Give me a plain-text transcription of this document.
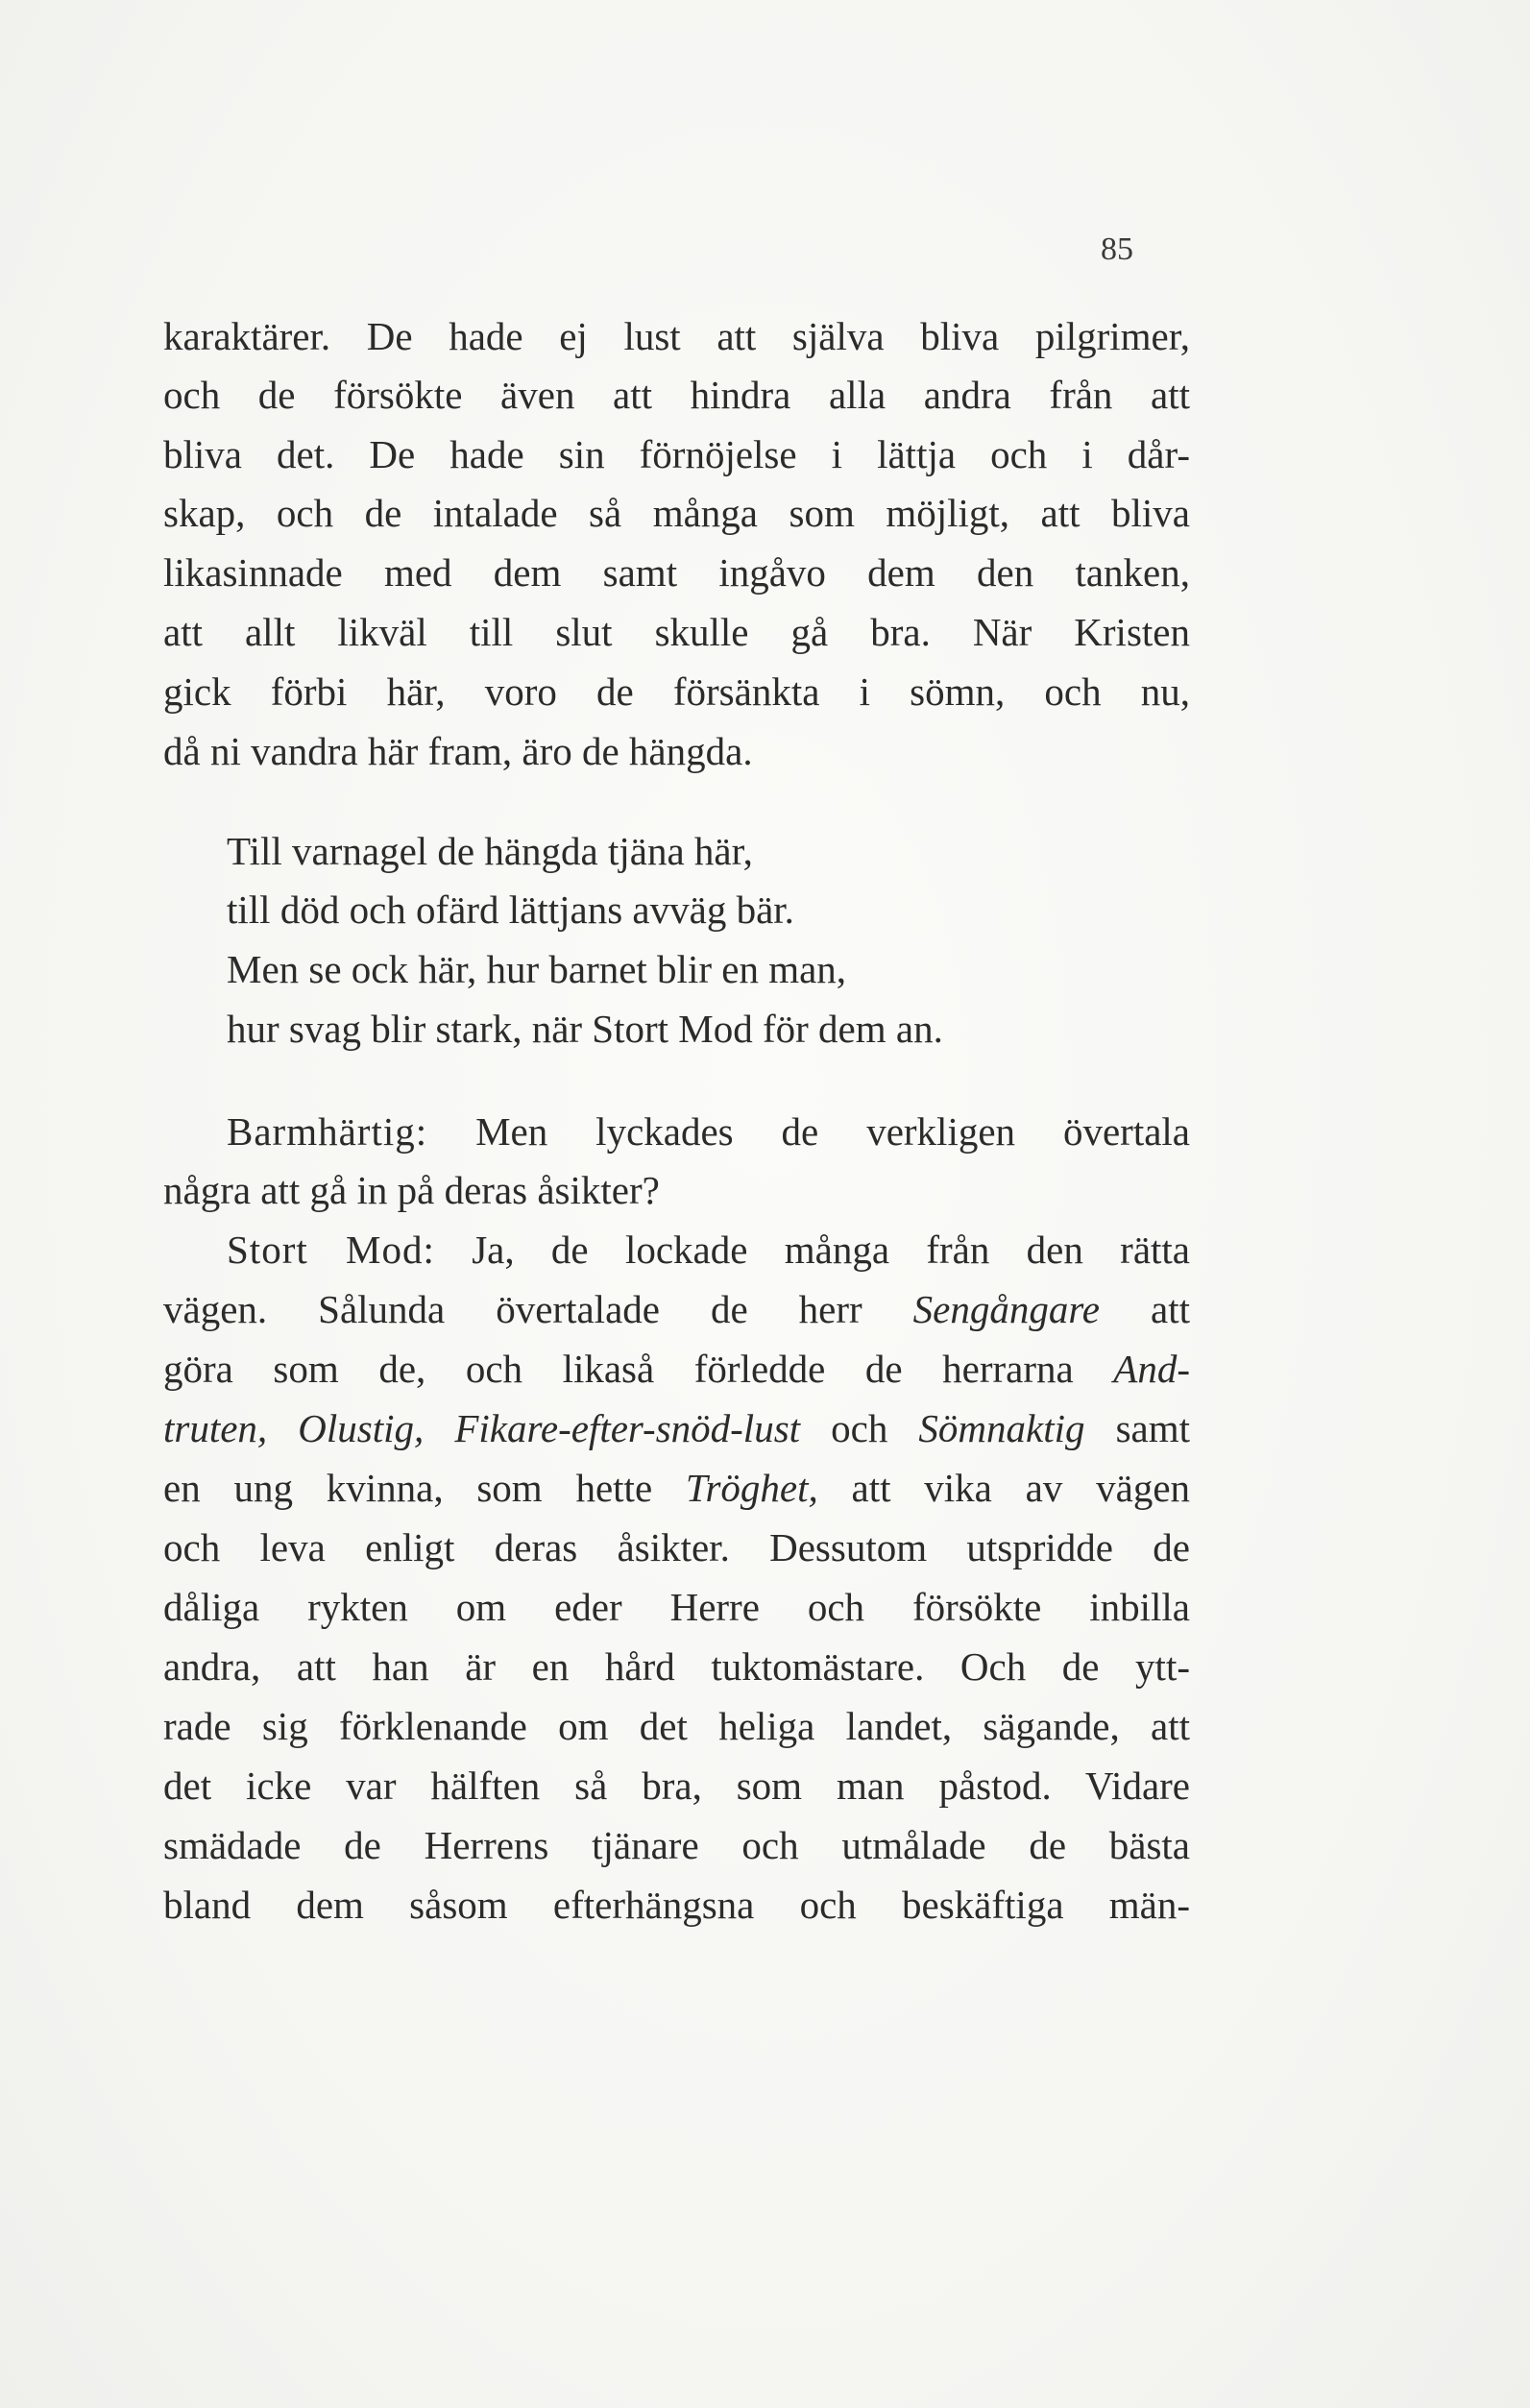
85
karaktärer. De hade ej lust att själva bliva pilgrimer,
och de försökte även att hindra alla andra från att
bliva det. De hade sin förnöjelse i lättja och i dår-
skap, och de intalade så många som möjligt, att bliva
likasinnade med dem samt ingåvo dem den tanken,
att allt likväl till slut skulle gå bra. När Kristen
gick förbi här, voro de försänkta i sömn, och nu,
då ni vandra här fram, äro de hängda.
Till varnagel de hängda tjäna här,
till död och ofärd lättjans avväg bär.
Men se ock här, hur barnet blir en man,
hur svag blir stark, när Stort Mod för dem an.
Barmhärtig: Men lyckades de verkligen övertala
några att gå in på deras åsikter?
Stort Mod: Ja, de lockade många från den rätta
vägen. Sålunda övertalade de herr Sengångare att
göra som de, och likaså förledde de herrarna And-
truten, Olustig, Fikare-efter-snöd-lust och Sömnaktig samt
en ung kvinna, som hette Tröghet, att vika av vägen
och leva enligt deras åsikter. Dessutom utspridde de
dåliga rykten om eder Herre och försökte inbilla
andra, att han är en hård tuktomästare. Och de ytt-
rade sig förklenande om det heliga landet, sägande, att
det icke var hälften så bra, som man påstod. Vidare
smädade de Herrens tjänare och utmålade de bästa
bland dem såsom efterhängsna och beskäftiga män-
